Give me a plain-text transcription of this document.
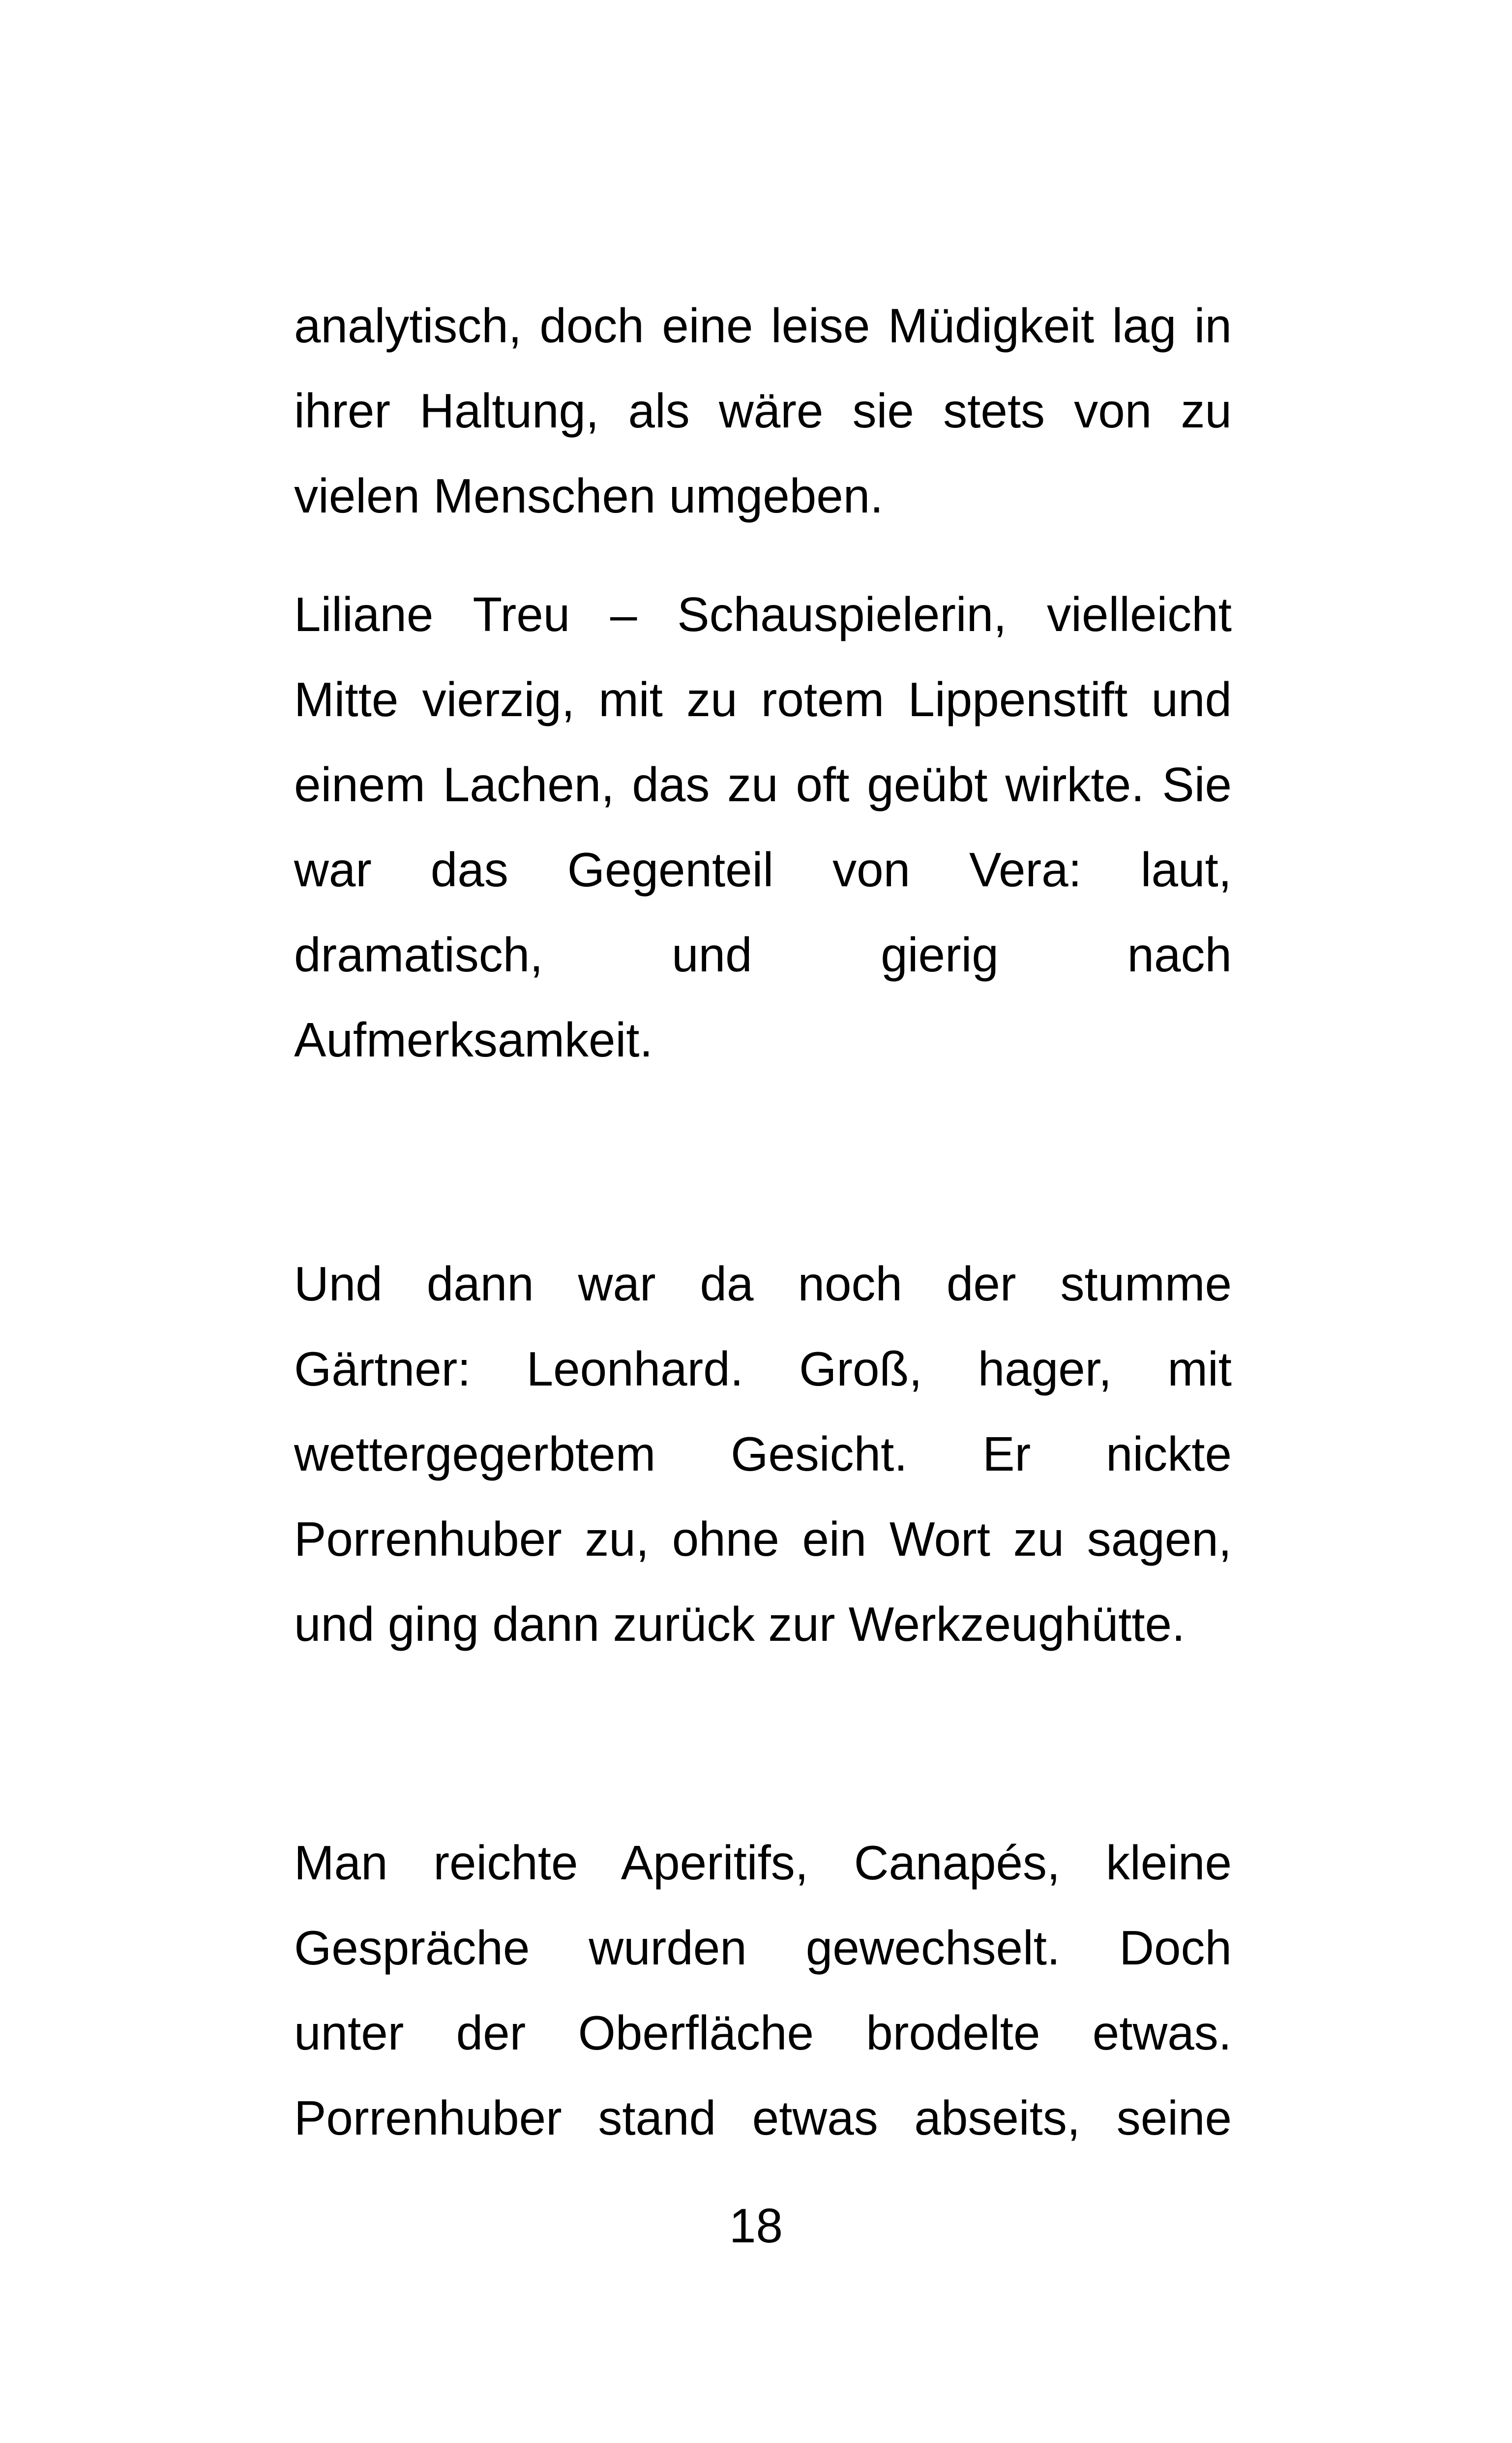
analytisch, doch eine leise Müdigkeit lag in
ihrer Haltung, als wäre sie stets von zu
vielen Menschen umgeben.
Liliane Treu – Schauspielerin, vielleicht
Mitte vierzig, mit zu rotem Lippenstift und
einem Lachen, das zu oft geübt wirkte. Sie
war das Gegenteil von Vera: laut,
dramatisch, und gierig nach
Aufmerksamkeit.
Und dann war da noch der stumme
Gärtner: Leonhard. Groß, hager, mit
wettergegerbtem Gesicht. Er nickte
Porrenhuber zu, ohne ein Wort zu sagen,
und ging dann zurück zur Werkzeughütte.
Man reichte Aperitifs, Canapés, kleine
Gespräche wurden gewechselt. Doch
unter der Oberfläche brodelte etwas.
Porrenhuber stand etwas abseits, seine
18
